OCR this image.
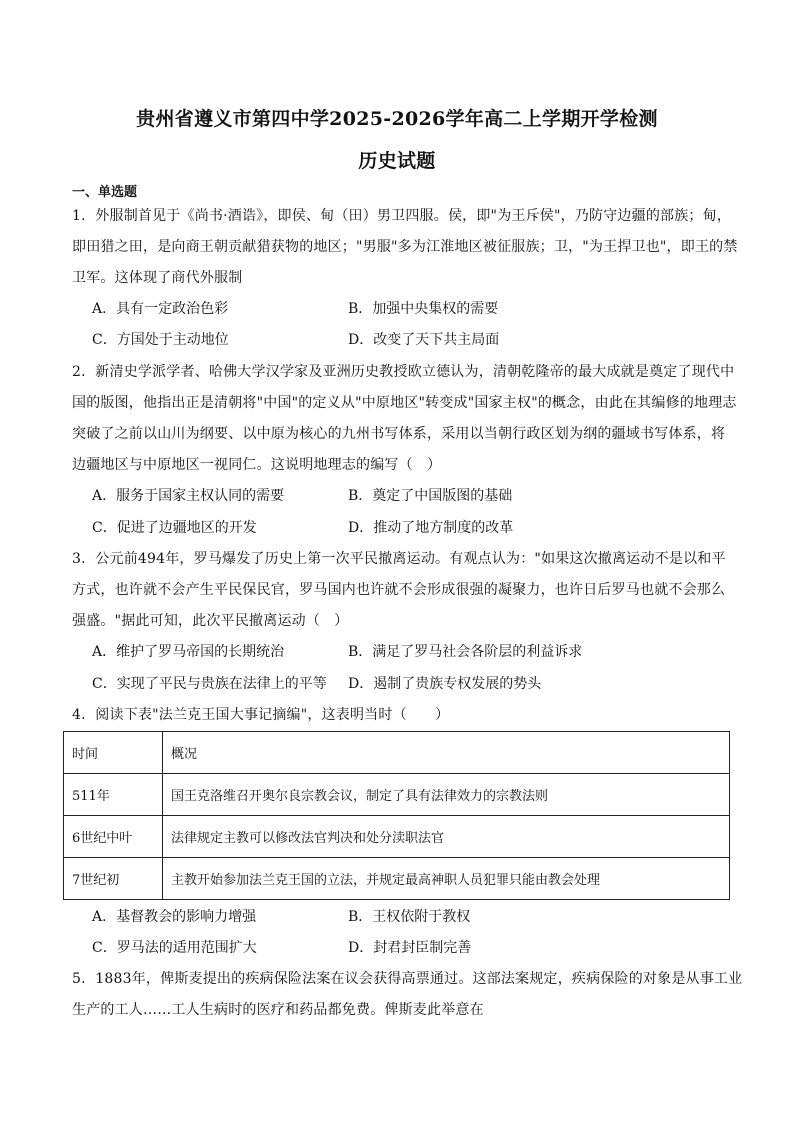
贵州省遵义市第四中学2025-2026学年高二上学期开学检测
历史试题
一、单选题
1．外服制首见于《尚书·酒诰》，即侯、甸（田）男卫四服。侯，即"为王斥侯"，乃防守边疆的部族；甸，
即田猎之田，是向商王朝贡献猎获物的地区；"男服"多为江淮地区被征服族；卫，"为王捍卫也"，即王的禁
卫军。这体现了商代外服制
A．具有一定政治色彩	B．加强中央集权的需要
C．方国处于主动地位	D．改变了天下共主局面
2．新清史学派学者、哈佛大学汉学家及亚洲历史教授欧立德认为，清朝乾隆帝的最大成就是奠定了现代中
国的版图，他指出正是清朝将"中国"的定义从"中原地区"转变成"国家主权"的概念，由此在其编修的地理志
突破了之前以山川为纲要、以中原为核心的九州书写体系，采用以当朝行政区划为纲的疆域书写体系，将
边疆地区与中原地区一视同仁。这说明地理志的编写（　）
A．服务于国家主权认同的需要	B．奠定了中国版图的基础
C．促进了边疆地区的开发	D．推动了地方制度的改革
3．公元前494年，罗马爆发了历史上第一次平民撤离运动。有观点认为："如果这次撤离运动不是以和平
方式，也许就不会产生平民保民官，罗马国内也许就不会形成很强的凝聚力，也许日后罗马也就不会那么
强盛。"据此可知，此次平民撤离运动（　）
A．维护了罗马帝国的长期统治	B．满足了罗马社会各阶层的利益诉求
C．实现了平民与贵族在法律上的平等 D．遏制了贵族专权发展的势头
4．阅读下表"法兰克王国大事记摘编"，这表明当时（　　）
时间	概况
511年	国王克洛维召开奥尔良宗教会议，制定了具有法律效力的宗教法则
6世纪中叶	法律规定主教可以修改法官判决和处分渎职法官
7世纪初	主教开始参加法兰克王国的立法，并规定最高神职人员犯罪只能由教会处理
A．基督教会的影响力增强	B．王权依附于教权
C．罗马法的适用范围扩大	D．封君封臣制完善
5．1883年，俾斯麦提出的疾病保险法案在议会获得高票通过。这部法案规定，疾病保险的对象是从事工业
生产的工人……工人生病时的医疗和药品都免费。俾斯麦此举意在
